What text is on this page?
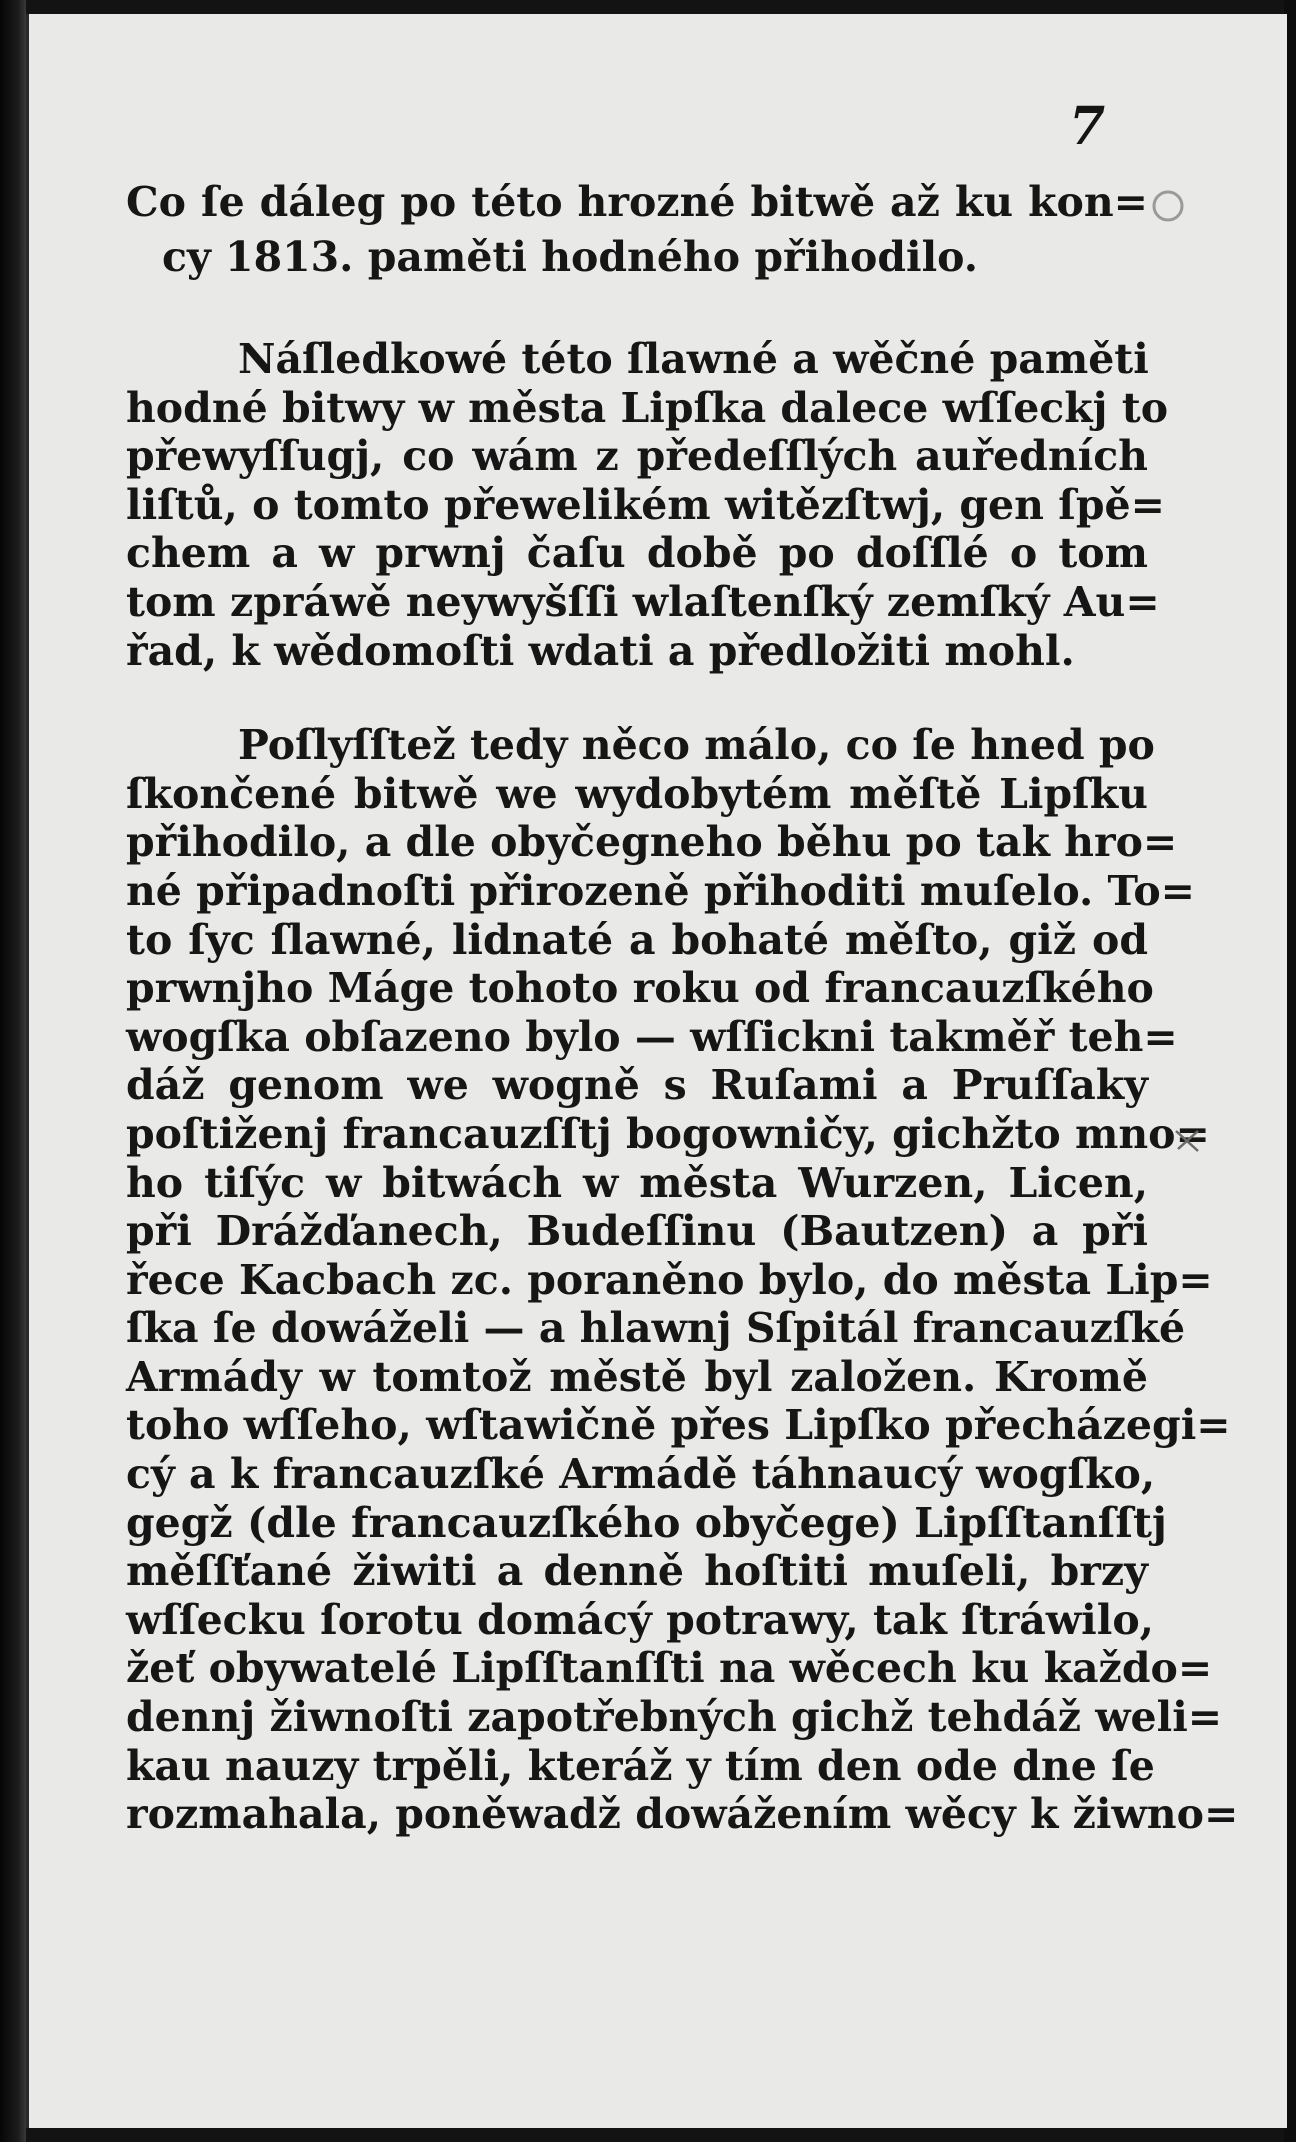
7
Co ſe dáleg po této hrozné bitwě až ku kon=
cy 1813. paměti hodného přihodilo.
Náſledkowé této ſlawné a wěčné paměti
hodné bitwy w města Lipſka dalece wſſeckj to
přewyſſugj, co wám z předeſſlých auředních
liſtů, o tomto přewelikém witězſtwj, gen ſpě=
chem a w prwnj čaſu době po doſſlé o tom
tom zpráwě neywyšſſi wlaſtenſký zemſký Au=
řad, k wědomoſti wdati a předložiti mohl.
Poſlyſſtež tedy něco málo, co ſe hned po
ſkončené bitwě we wydobytém měſtě Lipſku
přihodilo, a dle obyčegneho běhu po tak hro=
né připadnoſti přirozeně přihoditi muſelo. To=
to ſyc ſlawné, lidnaté a bohaté měſto, giž od
prwnjho Máge tohoto roku od francauzſkého
wogſka obſazeno bylo — wſſickni takměř teh=
dáž genom we wogně s Ruſami a Pruſſaky
poſtiženj francauzſſtj bogowničy, gichžto mno=
ho tiſýc w bitwách w města Wurzen, Licen,
při Drážďanech, Budeſſinu (Bautzen) a při
řece Kacbach zc. poraněno bylo, do města Lip=
ſka ſe dowáželi — a hlawnj Sſpitál francauzſké
Armády w tomtož městě byl založen. Kromě
toho wſſeho, wſtawičně přes Lipſko přecházegi=
cý a k francauzſké Armádě táhnaucý wogſko,
gegž (dle francauzſkého obyčege) Lipſſtanſſtj
měſſťané žiwiti a denně hoſtiti muſeli, brzy
wſſecku ſorotu domácý potrawy, tak ſtráwilo,
žeť obywatelé Lipſſtanſſti na wěcech ku každo=
dennj žiwnoſti zapotřebných gichž tehdáž weli=
kau nauzy trpěli, kteráž y tím den ode dne ſe
rozmahala, poněwadž dowážením wěcy k žiwno=
